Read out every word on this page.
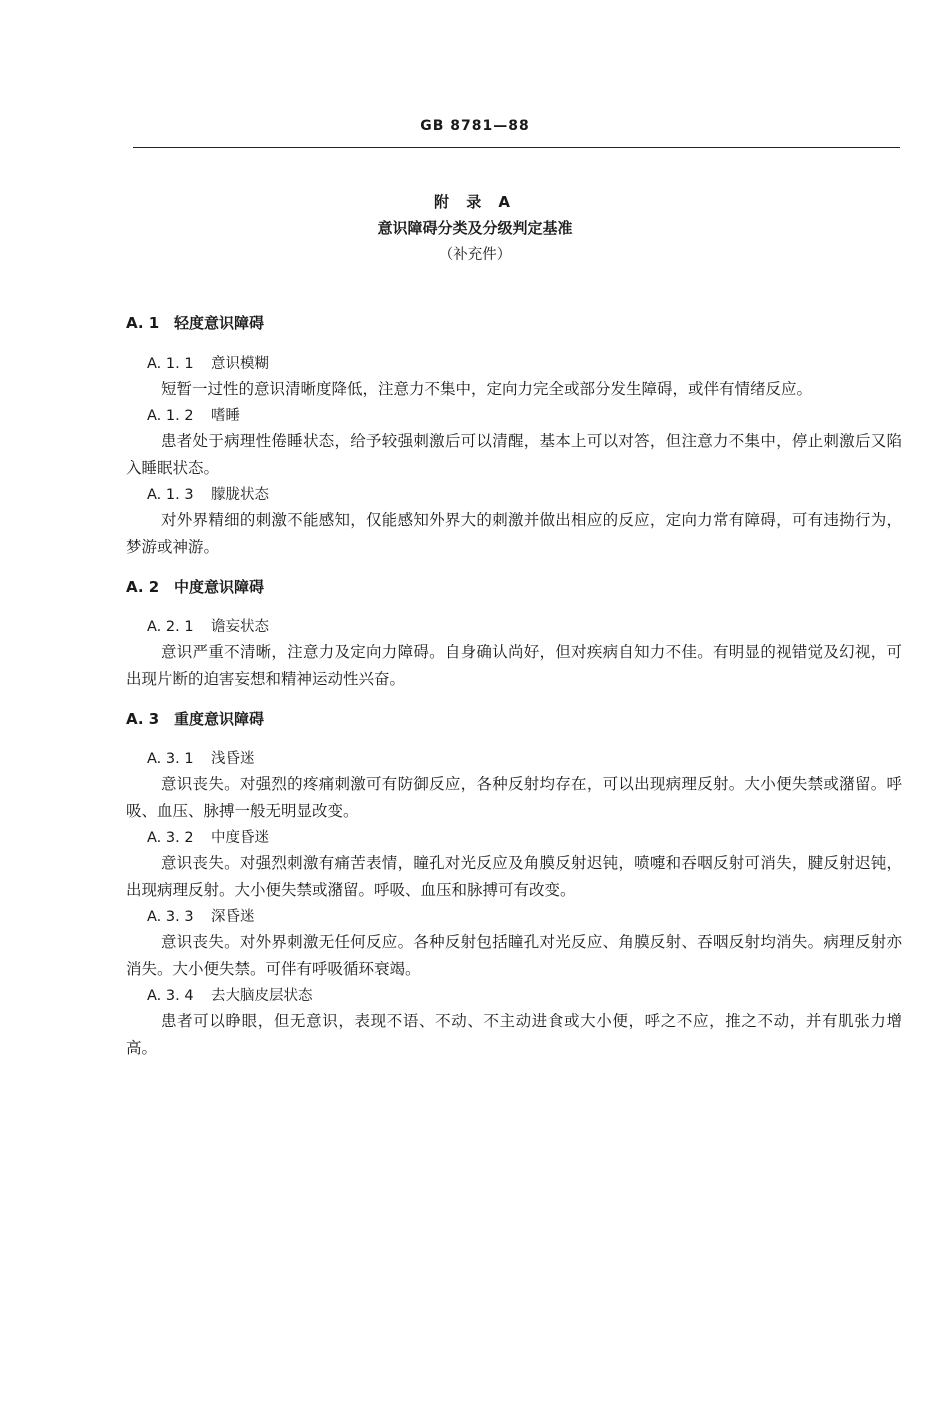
GB 8781—88
附 录 A
意识障碍分类及分级判定基准
（补充件）
A. 1 轻度意识障碍
A. 1. 1 意识模糊

短暂一过性的意识清晰度降低，注意力不集中，定向力完全或部分发生障碍，或伴有情绪反应。

A. 1. 2 嗜睡

患者处于病理性倦睡状态，给予较强刺激后可以清醒，基本上可以对答，但注意力不集中，停止刺激后又陷入睡眠状态。

A. 1. 3 朦胧状态

对外界精细的刺激不能感知，仅能感知外界大的刺激并做出相应的反应，定向力常有障碍，可有违拗行为，梦游或神游。

A. 2 中度意识障碍
A. 2. 1 谵妄状态

意识严重不清晰，注意力及定向力障碍。自身确认尚好，但对疾病自知力不佳。有明显的视错觉及幻视，可出现片断的迫害妄想和精神运动性兴奋。

A. 3 重度意识障碍
A. 3. 1 浅昏迷

意识丧失。对强烈的疼痛刺激可有防御反应，各种反射均存在，可以出现病理反射。大小便失禁或潴留。呼吸、血压、脉搏一般无明显改变。

A. 3. 2 中度昏迷

意识丧失。对强烈刺激有痛苦表情，瞳孔对光反应及角膜反射迟钝，喷嚏和吞咽反射可消失，腱反射迟钝，出现病理反射。大小便失禁或潴留。呼吸、血压和脉搏可有改变。

A. 3. 3 深昏迷

意识丧失。对外界刺激无任何反应。各种反射包括瞳孔对光反应、角膜反射、吞咽反射均消失。病理反射亦消失。大小便失禁。可伴有呼吸循环衰竭。

A. 3. 4 去大脑皮层状态

患者可以睁眼，但无意识，表现不语、不动、不主动进食或大小便，呼之不应，推之不动，并有肌张力增高。
